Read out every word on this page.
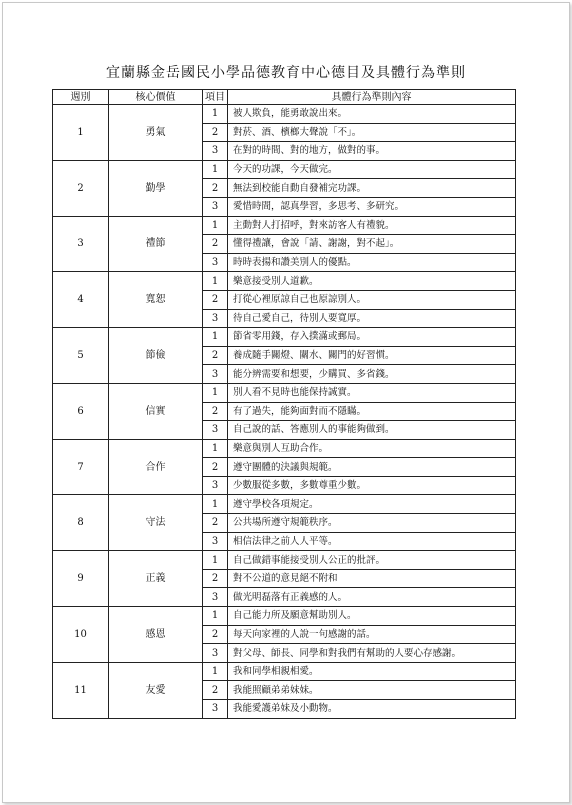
宜蘭縣金岳國民小學品德教育中心德目及具體行為準則
週別	核心價值	項目	具體行為準則內容
1	勇氣	1	被人欺負，能勇敢說出來。
		2	對菸、酒、檳榔大聲說「不」。
		3	在對的時間、對的地方，做對的事。
2	勤學	1	今天的功課，今天做完。
		2	無法到校能自動自發補完功課。
		3	愛惜時間，認真學習，多思考、多研究。
3	禮節	1	主動對人打招呼，對來訪客人有禮貌。
		2	懂得禮讓，會說「請、謝謝，對不起」。
		3	時時表揚和讚美別人的優點。
4	寬恕	1	樂意接受別人道歉。
		2	打從心裡原諒自己也原諒別人。
		3	待自己愛自己，待別人要寬厚。
5	節儉	1	節省零用錢，存入撲滿或郵局。
		2	養成隨手關燈、關水、關門的好習慣。
		3	能分辨需要和想要，少購買、多省錢。
6	信實	1	別人看不見時也能保持誠實。
		2	有了過失，能夠面對而不隱瞞。
		3	自己說的話、答應別人的事能夠做到。
7	合作	1	樂意與別人互助合作。
		2	遵守團體的決議與規範。
		3	少數服從多數，多數尊重少數。
8	守法	1	遵守學校各項規定。
		2	公共場所遵守規範秩序。
		3	相信法律之前人人平等。
9	正義	1	自己做錯事能接受別人公正的批評。
		2	對不公道的意見絕不附和
		3	做光明磊落有正義感的人。
10	感恩	1	自己能力所及願意幫助別人。
		2	每天向家裡的人說一句感謝的話。
		3	對父母、師長、同學和對我們有幫助的人要心存感謝。
11	友愛	1	我和同學相親相愛。
		2	我能照顧弟弟妹妹。
		3	我能愛護弟妹及小動物。
